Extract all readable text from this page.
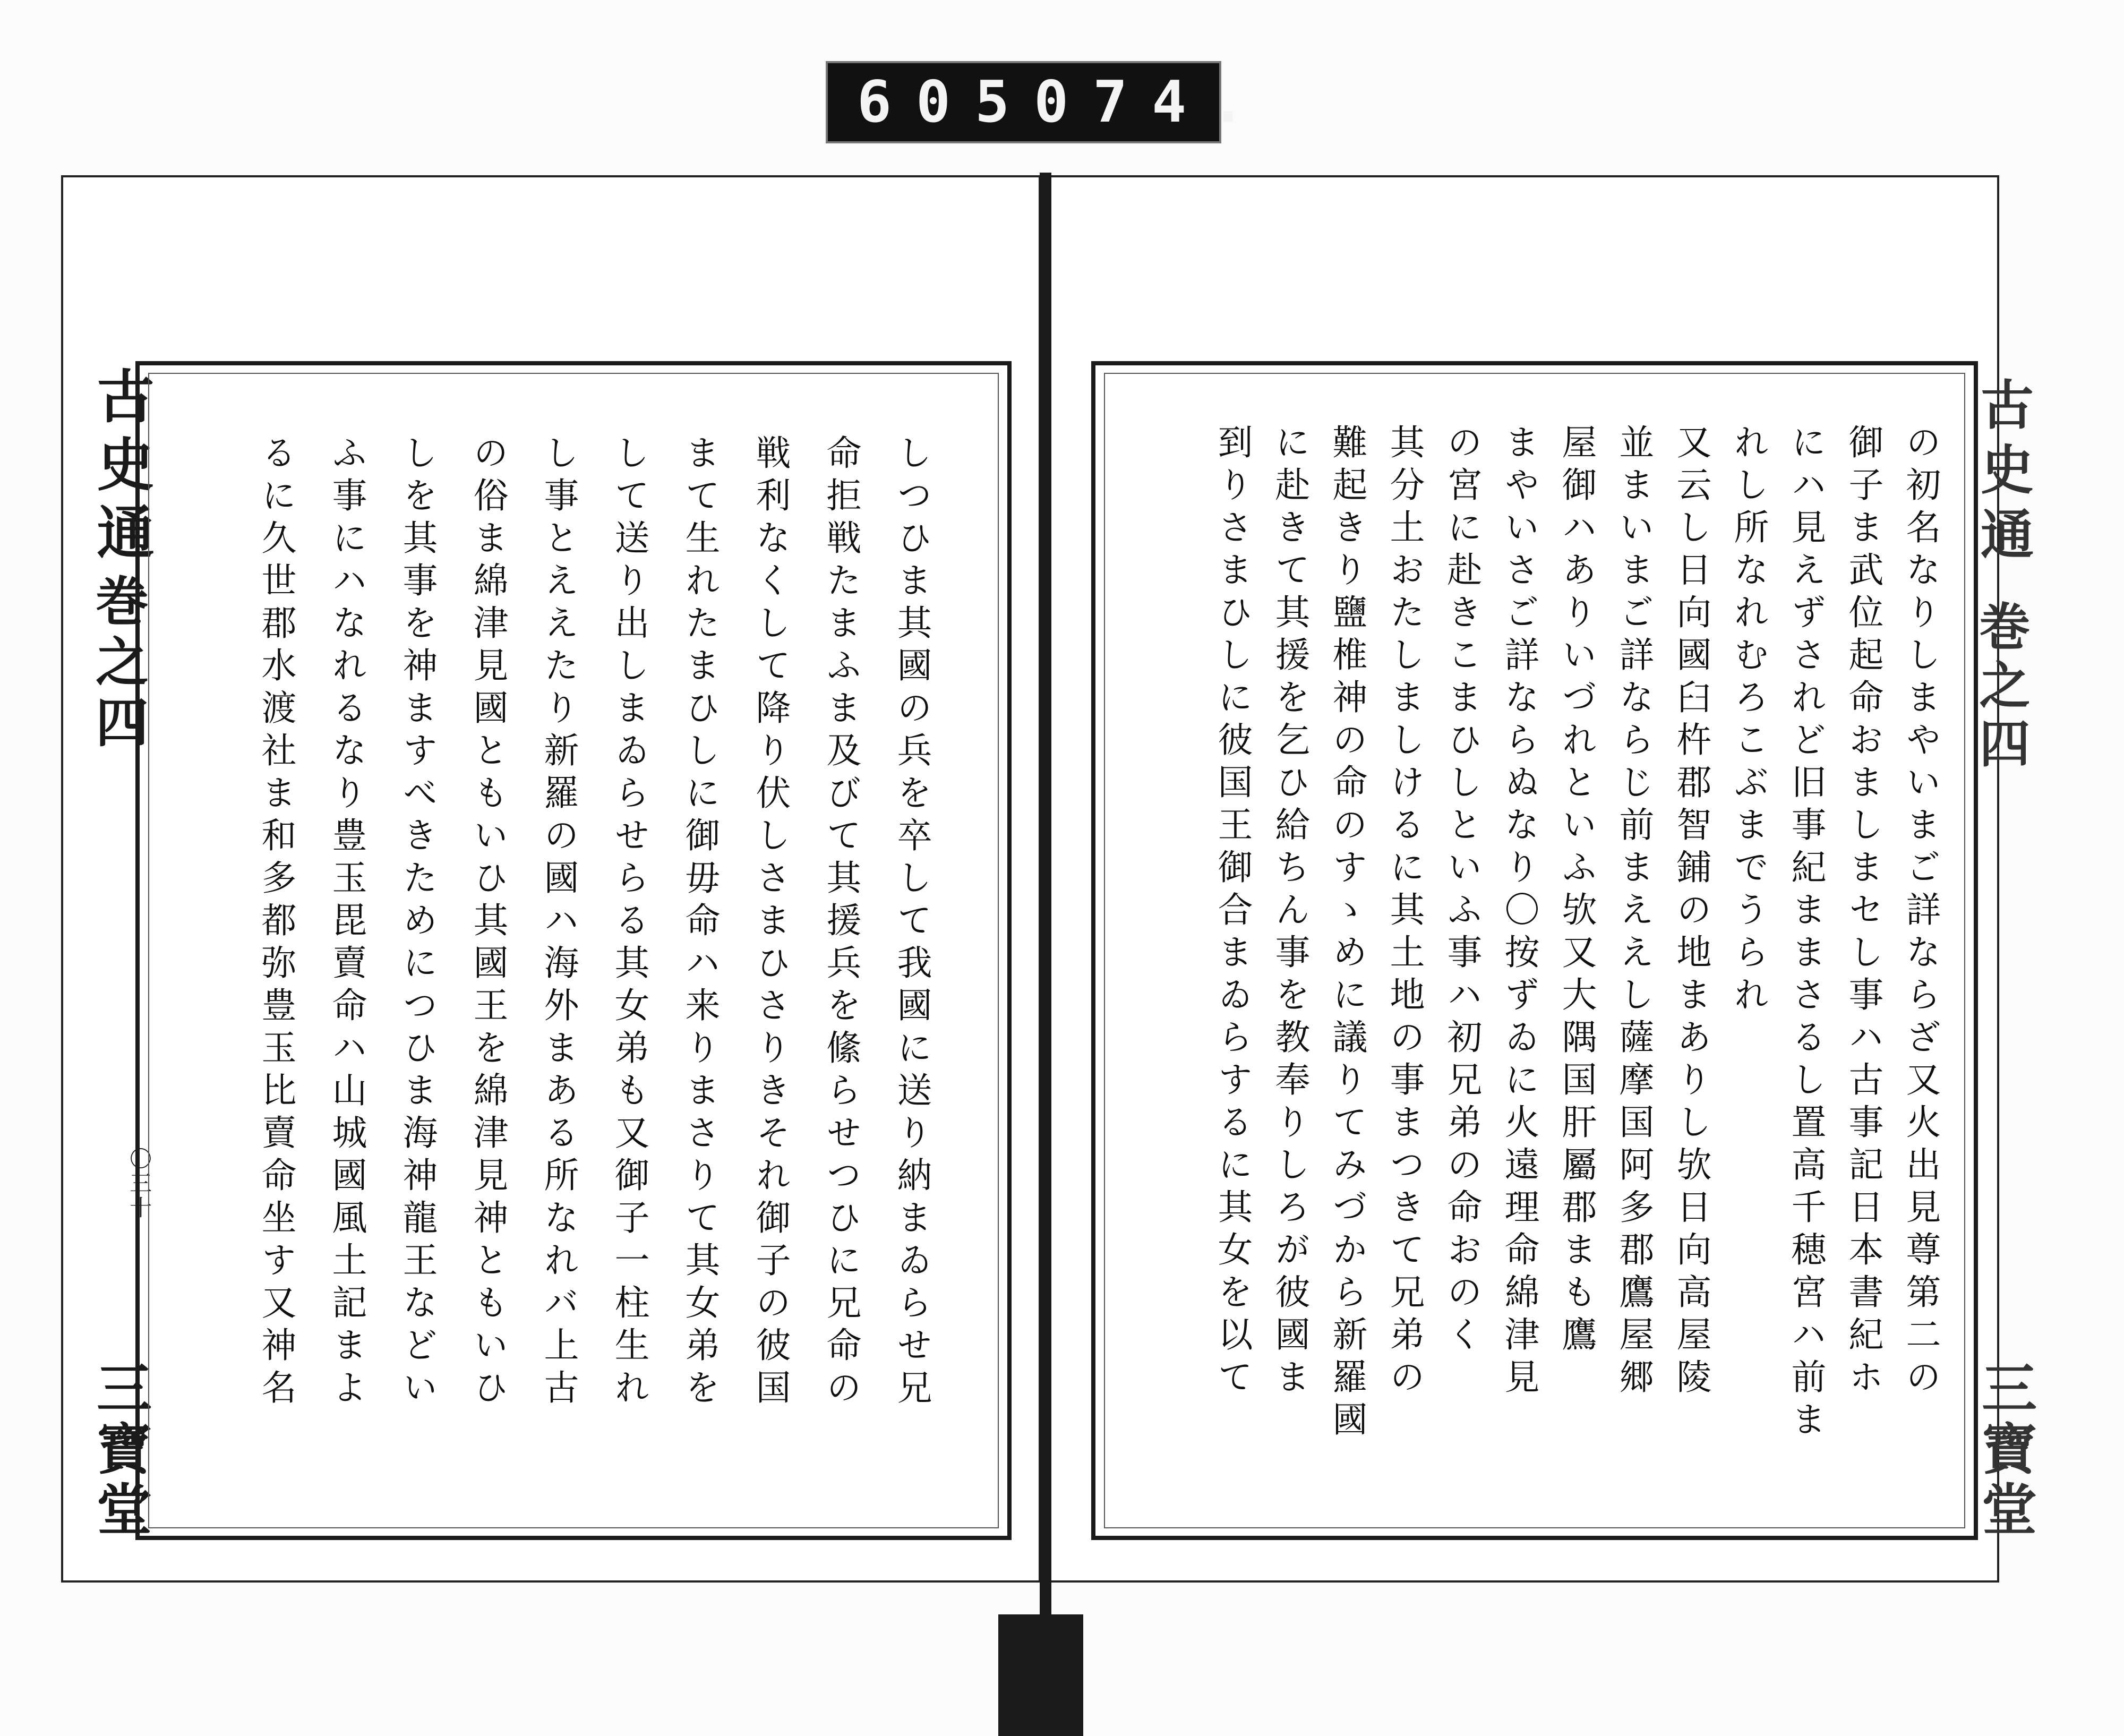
605 074.
古史通
巻之四
〇三十
三寶堂
古史通
巻之四
三寶堂
しつひま其國の兵を卒して我國に送り納まゐらせ兄
命拒戦たまふま及びて其援兵を絛らせつひに兄命の
戦利なくして降り伏しさまひさりきそれ御子の彼国
まて生れたまひしに御毋命ハ来りまさりて其女弟を
して送り出しまゐらせらる其女弟も又御子一柱生れ
し事とええたり新羅の國ハ海外まある所なれバ上古
の俗ま綿津見國ともいひ其國王を綿津見神ともいひ
しを其事を神ますべきためにつひま海神龍王などい
ふ事にハなれるなり豊玉毘賣命ハ山城國風土記まよ
るに久世郡水渡社ま和多都弥豊玉比賣命坐す又神名	の初名なりしまやいまご詳ならざ又火出見尊第二の
御子ま武位起命おましまセし事ハ古事記日本書紀ホ
にハ見えずされど旧事紀ままさるし置高千穂宮ハ前ま
れし所なれむろこぶまでうられ
又云し日向國臼杵郡智鋪の地まありし欤日向高屋陵
並まいまご詳ならじ前まええし薩摩国阿多郡鷹屋郷
屋御ハありいづれといふ欤又大隅国肝屬郡まも鷹
まやいさご詳ならぬなり〇按ずゐに火遠理命綿津見
の宮に赴きこまひしといふ事ハ初兄弟の命おのく
其分土おたしましけるに其土地の事まつきて兄弟の
難起きり鹽椎神の命のすゝめに議りてみづから新羅國
に赴きて其援を乞ひ給ちん事を教奉りしろが彼國ま
到りさまひしに彼国王御合まゐらするに其女を以て
